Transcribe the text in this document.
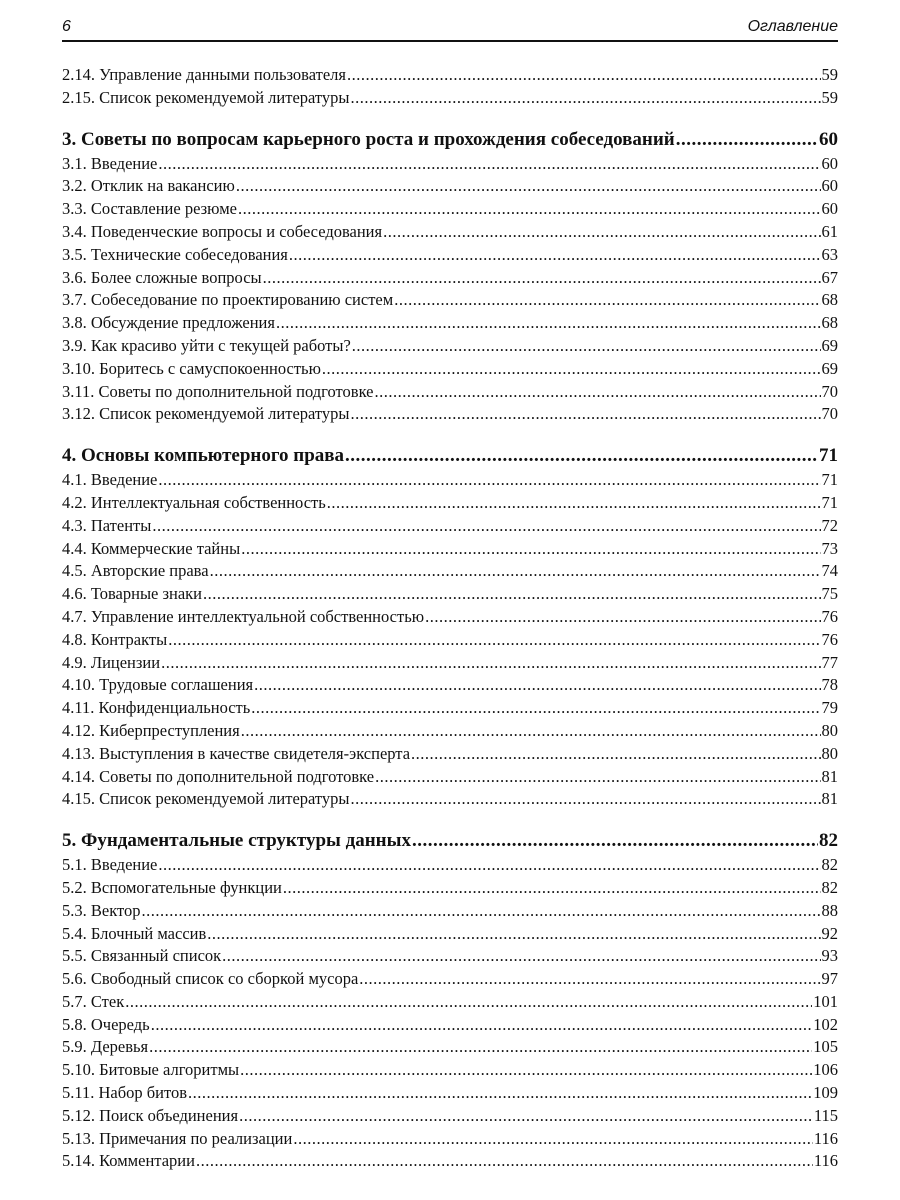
6	Оглавление
2.14. Управление данными пользователя .....	59
2.15. Список рекомендуемой литературы .....	59
3. Советы по вопросам карьерного роста и прохождения собеседований .....	60
3.1. Введение .....	60
3.2. Отклик на вакансию .....	60
3.3. Составление резюме .....	60
3.4. Поведенческие вопросы и собеседования .....	61
3.5. Технические собеседования .....	63
3.6. Более сложные вопросы .....	67
3.7. Собеседование по проектированию систем .....	68
3.8. Обсуждение предложения .....	68
3.9. Как красиво уйти с текущей работы? .....	69
3.10. Боритесь с самуспокоенностью .....	69
3.11. Советы по дополнительной подготовке .....	70
3.12. Список рекомендуемой литературы .....	70
4. Основы компьютерного права .....	71
4.1. Введение .....	71
4.2. Интеллектуальная собственность .....	71
4.3. Патенты .....	72
4.4. Коммерческие тайны .....	73
4.5. Авторские права .....	74
4.6. Товарные знаки .....	75
4.7. Управление интеллектуальной собственностью .....	76
4.8. Контракты .....	76
4.9. Лицензии .....	77
4.10. Трудовые соглашения .....	78
4.11. Конфиденциальность .....	79
4.12. Киберпреступления .....	80
4.13. Выступления в качестве свидетеля-эксперта .....	80
4.14. Советы по дополнительной подготовке .....	81
4.15. Список рекомендуемой литературы .....	81
5. Фундаментальные структуры данных .....	82
5.1. Введение .....	82
5.2. Вспомогательные функции .....	82
5.3. Вектор .....	88
5.4. Блочный массив .....	92
5.5. Связанный список .....	93
5.6. Свободный список со сборкой мусора .....	97
5.7. Стек .....	101
5.8. Очередь .....	102
5.9. Деревья .....	105
5.10. Битовые алгоритмы .....	106
5.11. Набор битов .....	109
5.12. Поиск объединения .....	115
5.13. Примечания по реализации .....	116
5.14. Комментарии .....	116
